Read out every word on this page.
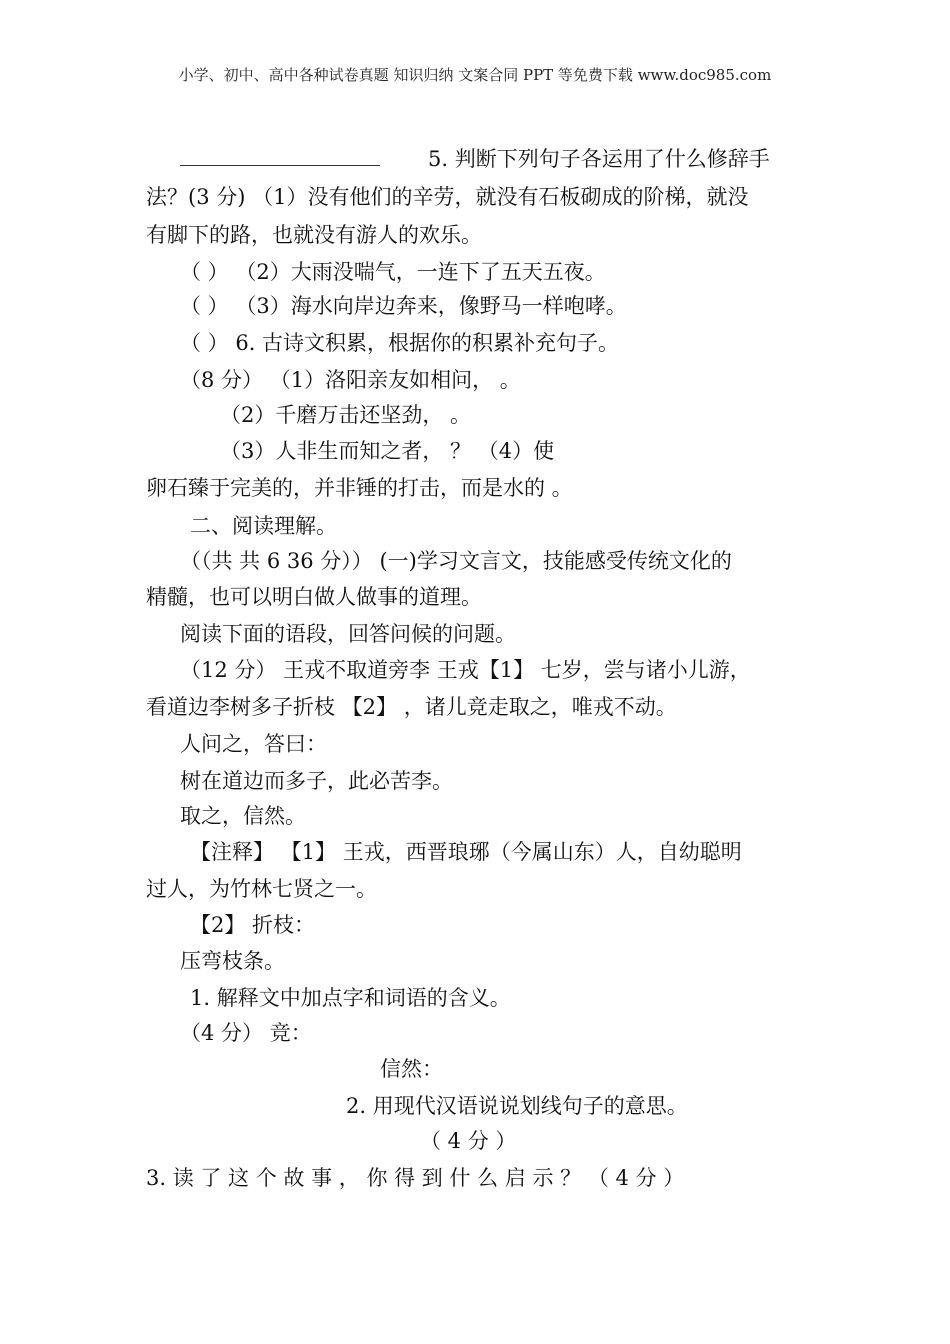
小学、初中、高中各种试卷真题 知识归纳 文案合同 PPT 等免费下载 www.doc985.com
5. 判断下列句子各运用了什么修辞手
法？(3 分) （1）没有他们的辛劳，就没有石板砌成的阶梯，就没
有脚下的路，也就没有游人的欢乐。
（ ） （2）大雨没喘气，一连下了五天五夜。
（ ） （3）海水向岸边奔来，像野马一样咆哮。
（ ） 6. 古诗文积累，根据你的积累补充句子。
（8 分） （1）洛阳亲友如相问， 。
（2）千磨万击还坚劲， 。
（3）人非生而知之者， ？ （4）使
卵石臻于完美的，并非锤的打击，而是水的 。
二、阅读理解。
（（共 共 6 36 分）） (一)学习文言文，技能感受传统文化的
精髓，也可以明白做人做事的道理。
阅读下面的语段，回答问候的问题。
（12 分） 王戎不取道旁李 王戎【1】 七岁，尝与诸小儿游，
看道边李树多子折枝 【2】 ，诸儿竞走取之，唯戎不动。
人问之，答曰：
树在道边而多子，此必苦李。
取之，信然。
【注释】 【1】 王戎，西晋琅琊（今属山东）人，自幼聪明
过人，为竹林七贤之一。
【2】 折枝：
压弯枝条。
1. 解释文中加点字和词语的含义。
（4 分） 竞：
信然：
2. 用现代汉语说说划线句子的意思。
（ 4 分 ）
3. 读 了 这 个 故 事 ， 你 得 到 什 么 启 示 ？ （ 4 分 ）
